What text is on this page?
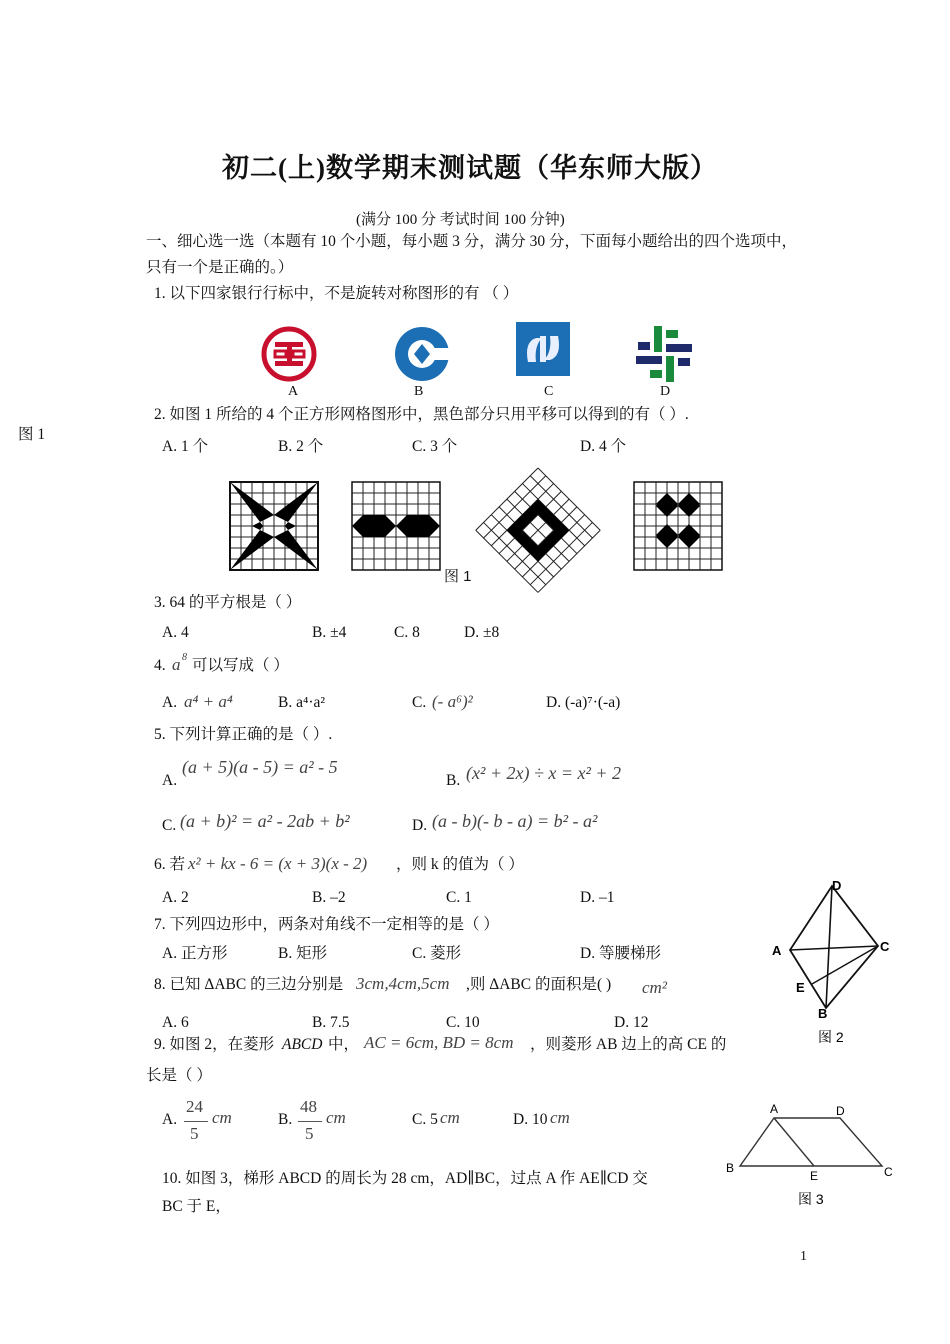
初二(上)数学期末测试题（华东师大版）
(满分 100 分 考试时间 100 分钟)
一、细心选一选（本题有 10 个小题，每小题 3 分，满分 30 分，下面每小题给出的四个选项中，
只有一个是正确的。）
图 1
1. 以下四家银行行标中，不是旋转对称图形的有 （ ）
A	B	C	D
2. 如图 1 所给的 4 个正方形网格图形中，黑色部分只用平移可以得到的有（ ）.
A. 1 个	B. 2 个	C. 3 个	D. 4 个
图 1
3. 64 的平方根是（ ）
A. 4	B. ±4	C. 8	D. ±8
4. a 8 可以写成（ ）
A. a⁴ + a⁴	B. a⁴·a²	C. (- a⁶)²	D. (-a)⁷·(-a)
5. 下列计算正确的是（ ）.
A.
(a + 5)(a - 5) = a² - 5
B. (x² + 2x) ÷ x = x² + 2
C. (a + b)² = a² - 2ab + b²	D. (a - b)(- b - a) = b² - a²
6. 若 x² + kx - 6 = (x + 3)(x - 2) ，则 k 的值为（ ）
A. 2	B. –2	C. 1	D. –1
7. 下列四边形中，两条对角线不一定相等的是（ ）
A. 正方形	B. 矩形	C. 菱形	D. 等腰梯形
8. 已知 ΔABC 的三边分别是 3cm,4cm,5cm ,则 ΔABC 的面积是( ) cm²
A. 6	B. 7.5	C. 10	D. 12
9. 如图 2，在菱形 ABCD 中， AC = 6cm, BD = 8cm ，则菱形 AB 边上的高 CE 的
长是（ ）
A.
24
5
cm	B.
48
5
cm	C. 5 cm	D. 10 cm
10. 如图 3，梯形 ABCD 的周长为 28 cm，AD∥BC，过点 A 作 AE∥CD 交
BC 于 E，
D
A	C
E
B
图 2
A	D
B
E	C
图 3
1
